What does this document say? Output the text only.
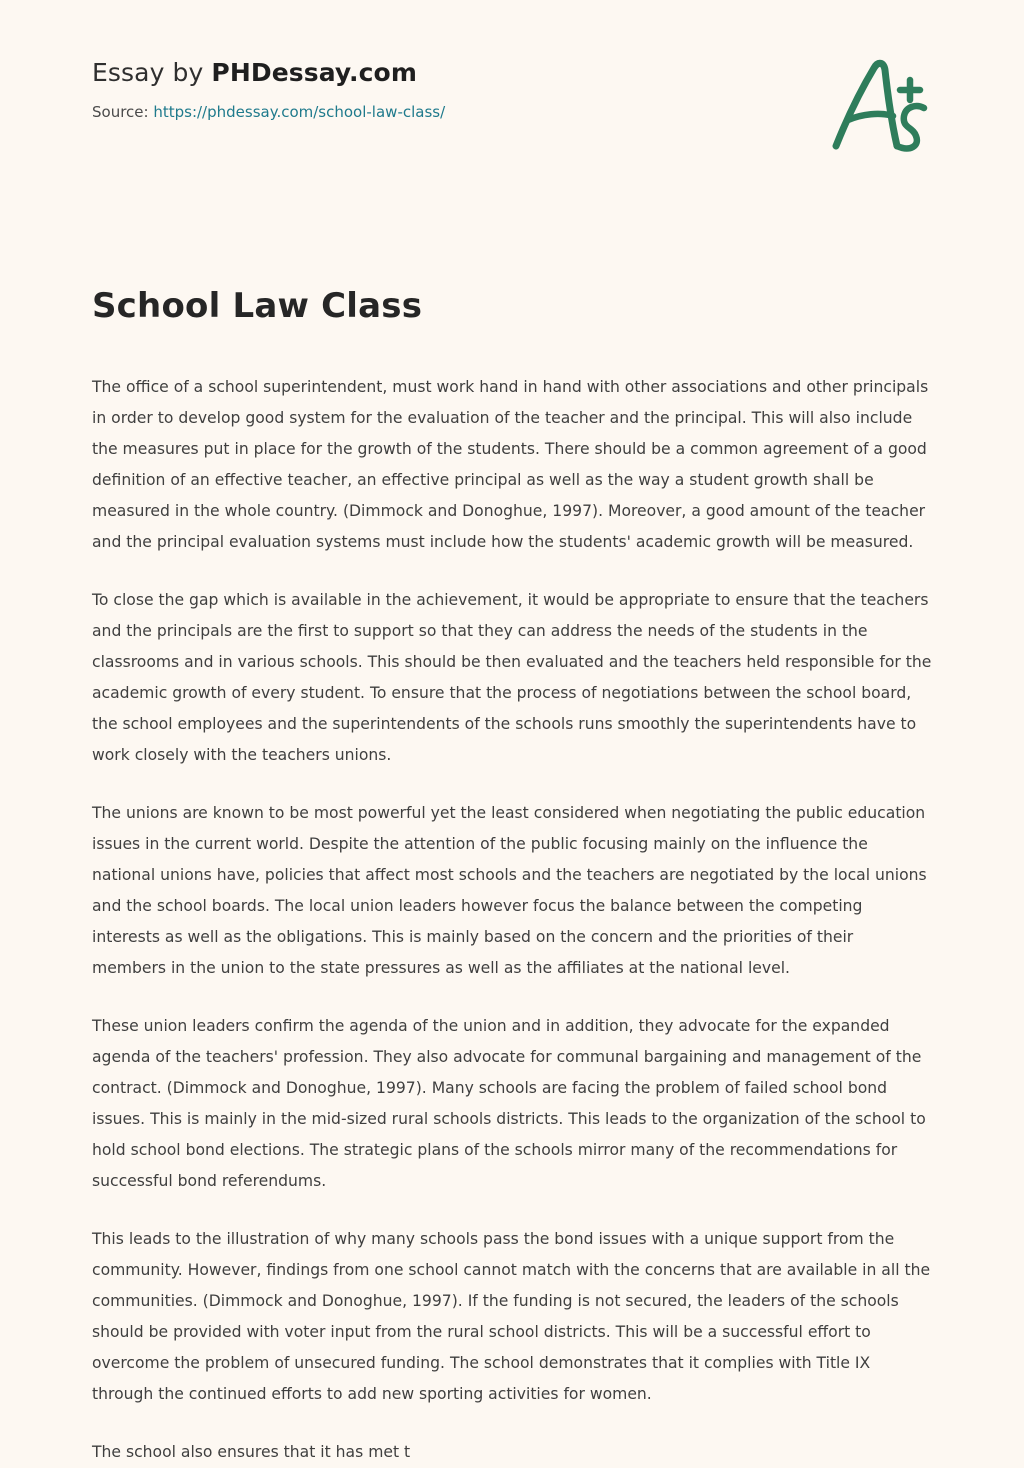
Essay by PHDessay.com

Source: https://phdessay.com/school-law-class/

School Law Class

The office of a school superintendent, must work hand in hand with other associations and other principals in order to develop good system for the evaluation of the teacher and the principal. This will also include the measures put in place for the growth of the students. There should be a common agreement of a good definition of an effective teacher, an effective principal as well as the way a student growth shall be measured in the whole country. (Dimmock and Donoghue, 1997). Moreover, a good amount of the teacher and the principal evaluation systems must include how the students' academic growth will be measured.

To close the gap which is available in the achievement, it would be appropriate to ensure that the teachers and the principals are the first to support so that they can address the needs of the students in the classrooms and in various schools. This should be then evaluated and the teachers held responsible for the academic growth of every student. To ensure that the process of negotiations between the school board, the school employees and the superintendents of the schools runs smoothly the superintendents have to work closely with the teachers unions.

The unions are known to be most powerful yet the least considered when negotiating the public education issues in the current world. Despite the attention of the public focusing mainly on the influence the national unions have, policies that affect most schools and the teachers are negotiated by the local unions and the school boards. The local union leaders however focus the balance between the competing interests as well as the obligations. This is mainly based on the concern and the priorities of their members in the union to the state pressures as well as the affiliates at the national level.

These union leaders confirm the agenda of the union and in addition, they advocate for the expanded agenda of the teachers' profession. They also advocate for communal bargaining and management of the contract. (Dimmock and Donoghue, 1997). Many schools are facing the problem of failed school bond issues. This is mainly in the mid-sized rural schools districts. This leads to the organization of the school to hold school bond elections. The strategic plans of the schools mirror many of the recommendations for successful bond referendums.

This leads to the illustration of why many schools pass the bond issues with a unique support from the community. However, findings from one school cannot match with the concerns that are available in all the communities. (Dimmock and Donoghue, 1997). If the funding is not secured, the leaders of the schools should be provided with voter input from the rural school districts. This will be a successful effort to overcome the problem of unsecured funding. The school demonstrates that it complies with Title IX through the continued efforts to add new sporting activities for women.

The school also ensures that it has met t
